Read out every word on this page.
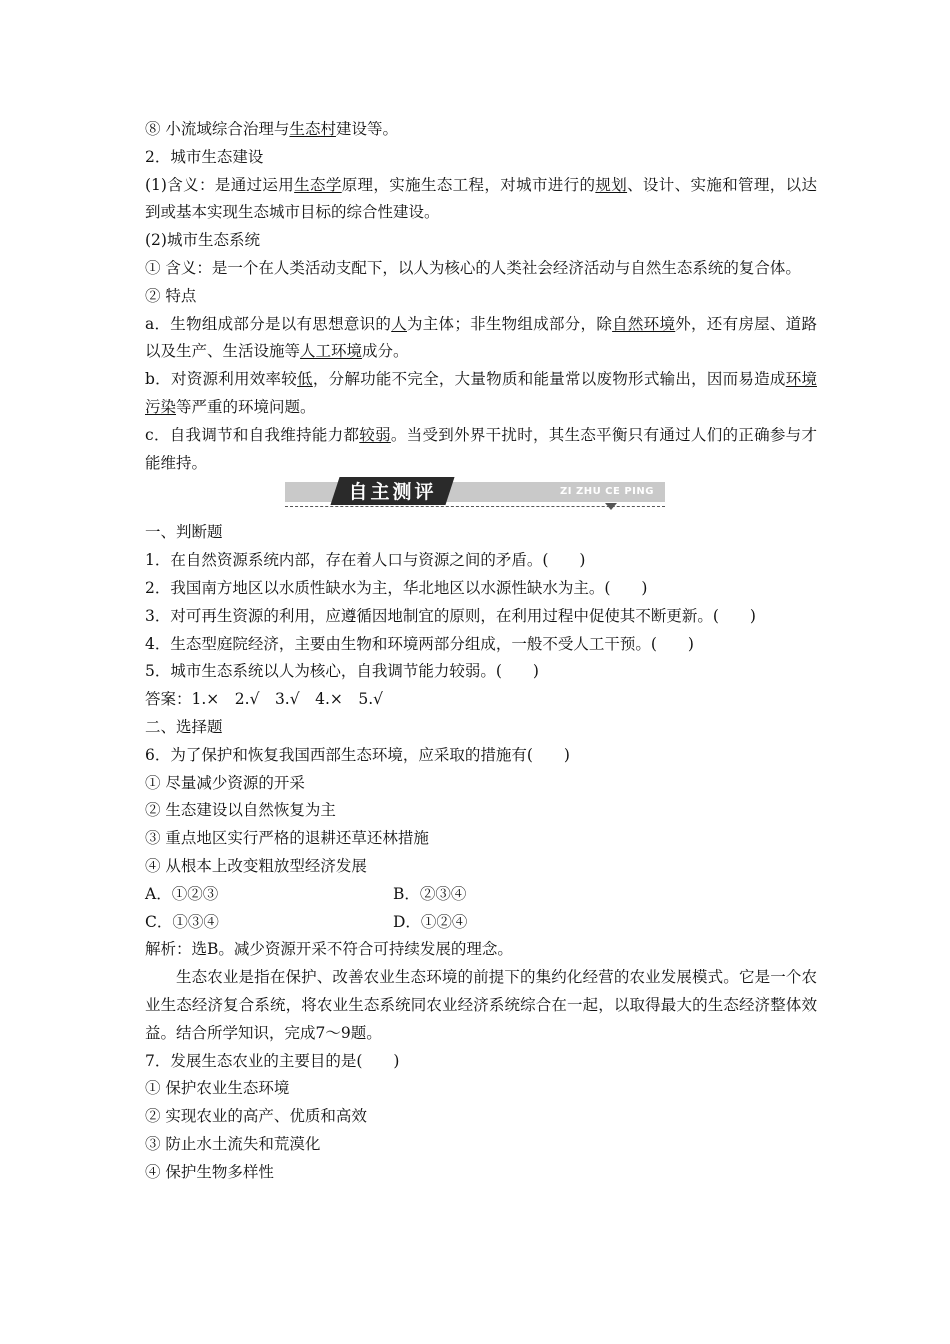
⑧ 小流域综合治理与生态村建设等。
2．城市生态建设
(1)含义：是通过运用生态学原理，实施生态工程，对城市进行的规划、设计、实施和管理，以达到或基本实现生态城市目标的综合性建设。
(2)城市生态系统
① 含义：是一个在人类活动支配下，以人为核心的人类社会经济活动与自然生态系统的复合体。
② 特点
a．生物组成部分是以有思想意识的人为主体；非生物组成部分，除自然环境外，还有房屋、道路以及生产、生活设施等人工环境成分。
b．对资源利用效率较低，分解功能不完全，大量物质和能量常以废物形式输出，因而易造成环境污染等严重的环境问题。
c．自我调节和自我维持能力都较弱。当受到外界干扰时，其生态平衡只有通过人们的正确参与才能维持。
自主测评	ZI ZHU CE PING
一、判断题
1．在自然资源系统内部，存在着人口与资源之间的矛盾。(　　)
2．我国南方地区以水质性缺水为主，华北地区以水源性缺水为主。(　　)
3．对可再生资源的利用，应遵循因地制宜的原则，在利用过程中促使其不断更新。(　　)
4．生态型庭院经济，主要由生物和环境两部分组成，一般不受人工干预。(　　)
5．城市生态系统以人为核心，自我调节能力较弱。(　　)
答案：1.×　2.√　3.√　4.×　5.√
二、选择题
6．为了保护和恢复我国西部生态环境，应采取的措施有(　　)
① 尽量减少资源的开采
② 生态建设以自然恢复为主
③ 重点地区实行严格的退耕还草还林措施
④ 从根本上改变粗放型经济发展
A．①②③	B．②③④
C．①③④	D．①②④
解析：选B。减少资源开采不符合可持续发展的理念。
生态农业是指在保护、改善农业生态环境的前提下的集约化经营的农业发展模式。它是一个农业生态经济复合系统，将农业生态系统同农业经济系统综合在一起，以取得最大的生态经济整体效益。结合所学知识，完成7～9题。
7．发展生态农业的主要目的是(　　)
① 保护农业生态环境
② 实现农业的高产、优质和高效
③ 防止水土流失和荒漠化
④ 保护生物多样性
